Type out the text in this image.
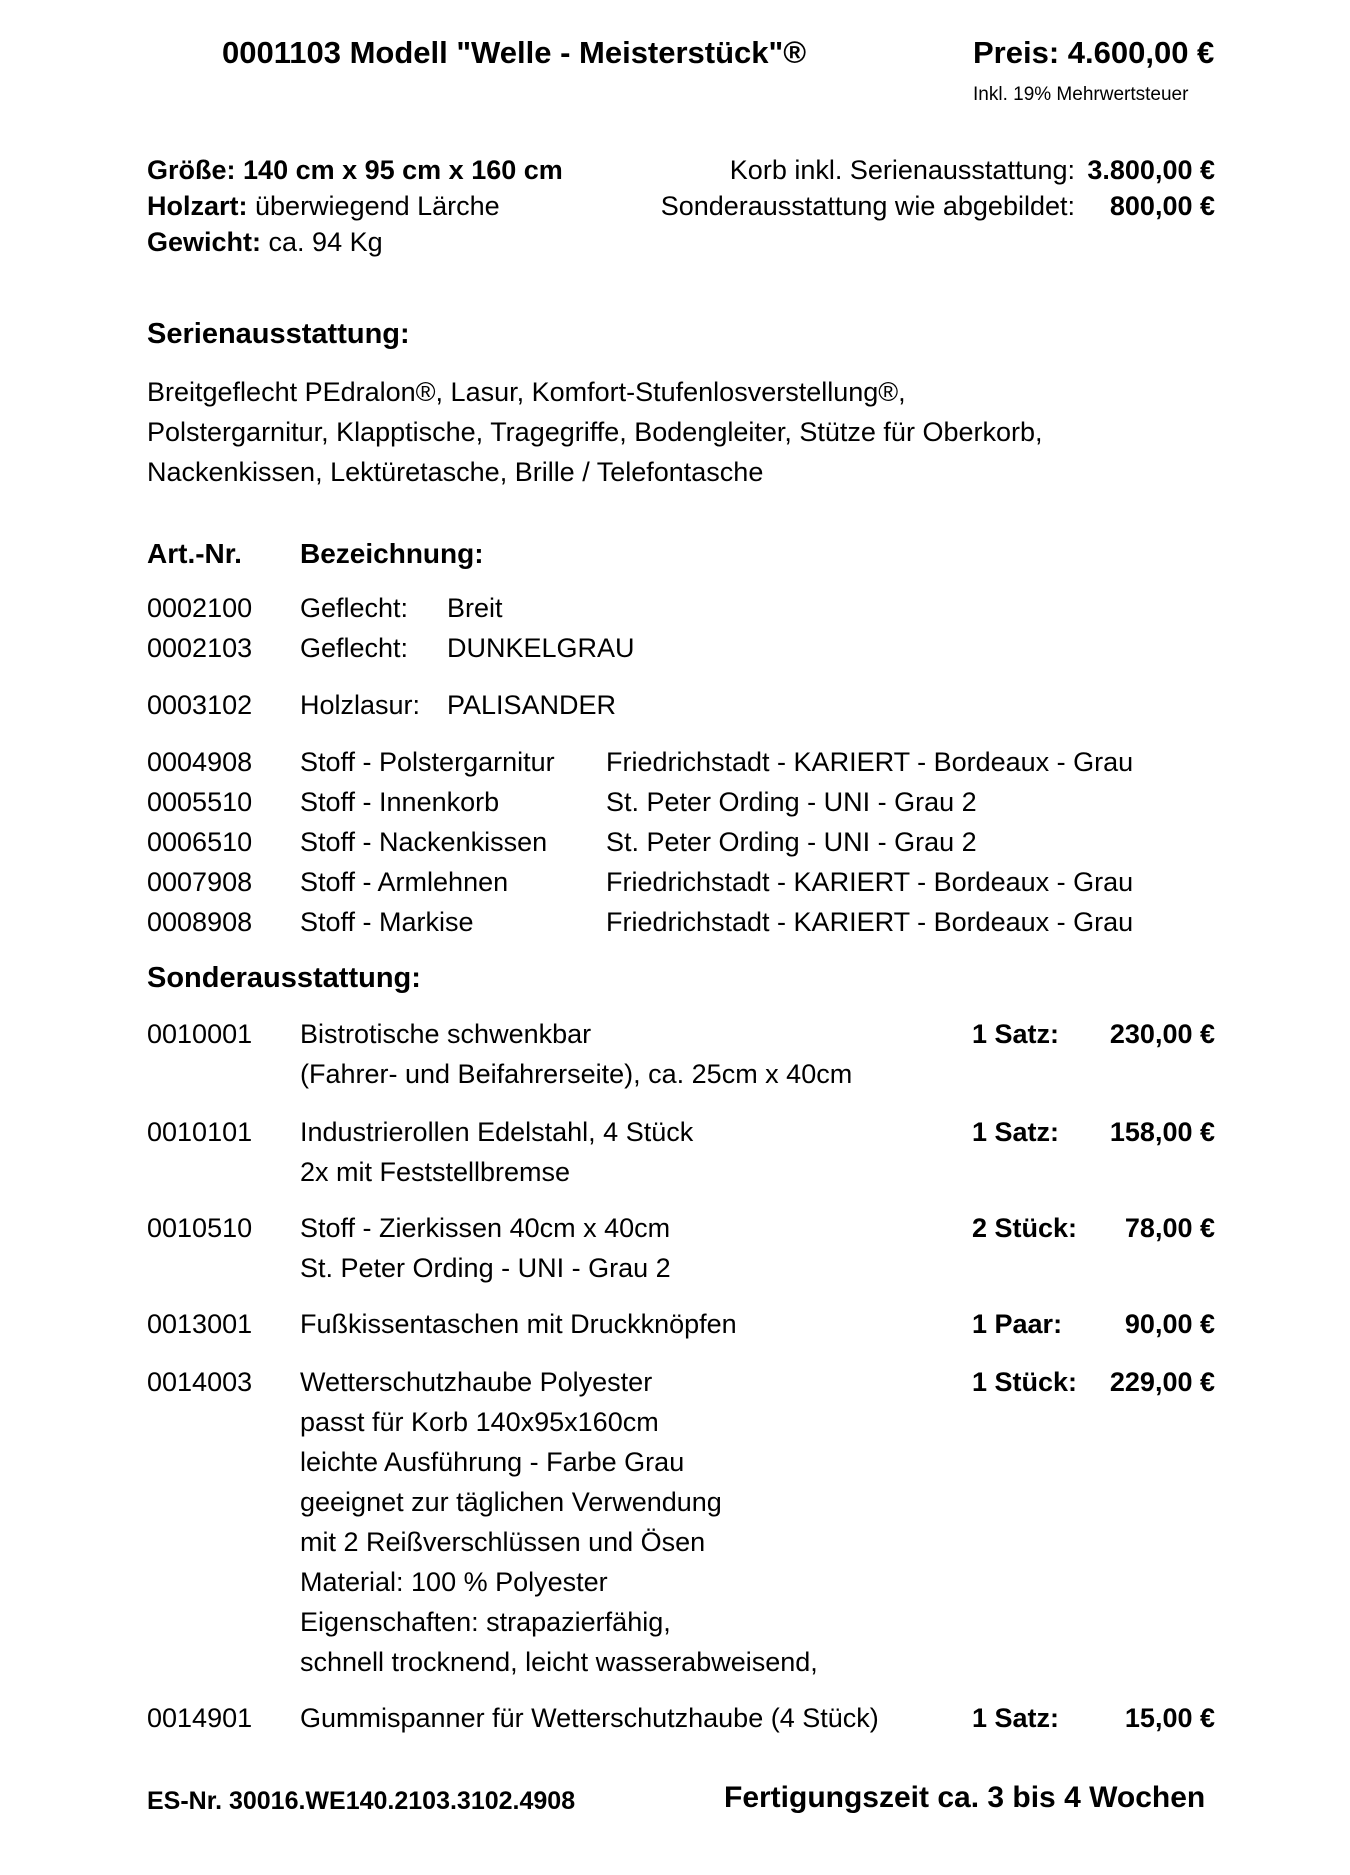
0001103 Modell "Welle - Meisterstück"®	Preis: 4.600,00 €
Inkl. 19% Mehrwertsteuer
Größe: 140 cm x 95 cm x 160 cm
Holzart: überwiegend Lärche
Gewicht: ca. 94 Kg
Korb inkl. Serienausstattung: 3.800,00 €
Sonderausstattung wie abgebildet:	800,00 €
Serienausstattung:
Breitgeflecht PEdralon®, Lasur, Komfort-Stufenlosverstellung®,
Polstergarnitur, Klapptische, Tragegriffe, Bodengleiter, Stütze für Oberkorb,
Nackenkissen, Lektüretasche, Brille / Telefontasche
Art.-Nr.	Bezeichnung:
0002100	Geflecht:	Breit
0002103	Geflecht:	DUNKELGRAU
0003102	Holzlasur: PALISANDER
0004908	Stoff - Polstergarnitur	Friedrichstadt - KARIERT - Bordeaux - Grau
0005510	Stoff - Innenkorb	St. Peter Ording - UNI - Grau 2
0006510	Stoff - Nackenkissen	St. Peter Ording - UNI - Grau 2
0007908	Stoff - Armlehnen	Friedrichstadt - KARIERT - Bordeaux - Grau
0008908	Stoff - Markise	Friedrichstadt - KARIERT - Bordeaux - Grau
Sonderausstattung:
0010001	Bistrotische schwenkbar
(Fahrer- und Beifahrerseite), ca. 25cm x 40cm
1 Satz: 230,00 €
0010101	Industrierollen Edelstahl, 4 Stück
2x mit Feststellbremse
1 Satz: 158,00 €
0010510	Stoff - Zierkissen 40cm x 40cm
St. Peter Ording - UNI - Grau 2
2 Stück: 78,00 €
0013001	Fußkissentaschen mit Druckknöpfen	1 Paar: 90,00 €
0014003	Wetterschutzhaube Polyester
passt für Korb 140x95x160cm
leichte Ausführung - Farbe Grau
geeignet zur täglichen Verwendung
mit 2 Reißverschlüssen und Ösen
Material: 100 % Polyester
Eigenschaften: strapazierfähig,
schnell trocknend, leicht wasserabweisend,
1 Stück: 229,00 €
0014901	Gummispanner für Wetterschutzhaube (4 Stück)	1 Satz: 15,00 €
ES-Nr. 30016.WE140.2103.3102.4908	Fertigungszeit ca. 3 bis 4 Wochen
